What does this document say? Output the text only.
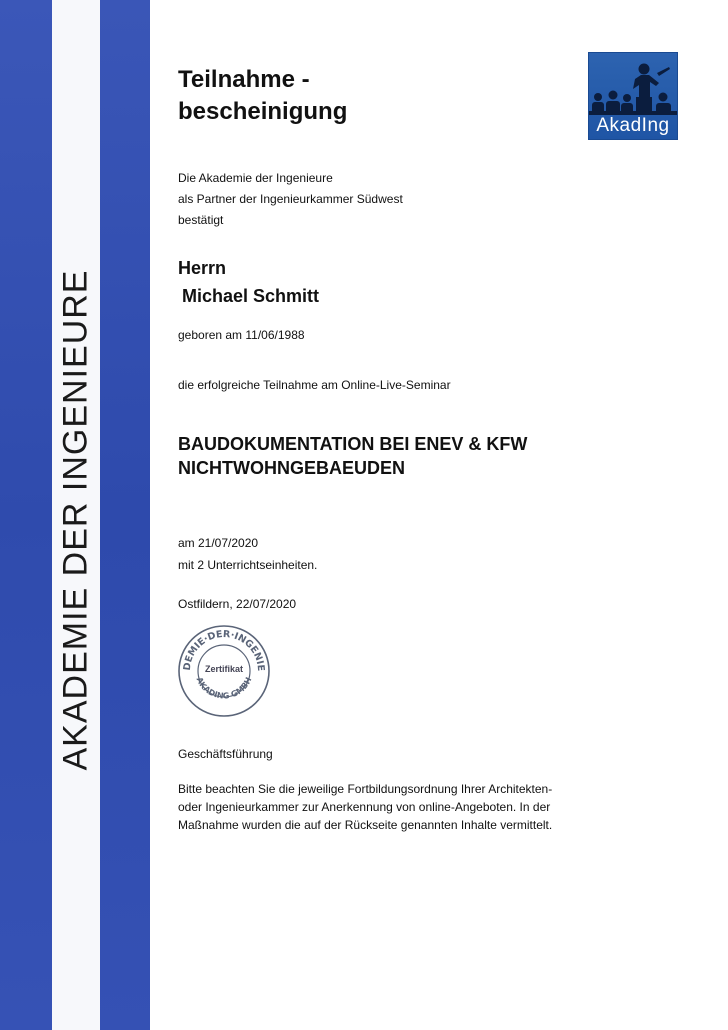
AKADEMIE DER INGENIEURE
AkadIng
Teilnahme -
bescheinigung
Die Akademie der Ingenieure
als Partner der Ingenieurkammer Südwest
bestätigt
Herrn
Michael Schmitt
geboren am 11/06/1988
die erfolgreiche Teilnahme am Online-Live-Seminar
BAUDOKUMENTATION BEI ENEV & KFW
NICHTWOHNGEBAEUDEN
am 21/07/2020
mit 2 Unterrichtseinheiten.
Ostfildern, 22/07/2020
DEMIE·DER·INGENIE
AKADING GMBH
Zertifikat
Geschäftsführung
Bitte beachten Sie die jeweilige Fortbildungsordnung Ihrer Architekten-
oder Ingenieurkammer zur Anerkennung von online-Angeboten. In der
Maßnahme wurden die auf der Rückseite genannten Inhalte vermittelt.
